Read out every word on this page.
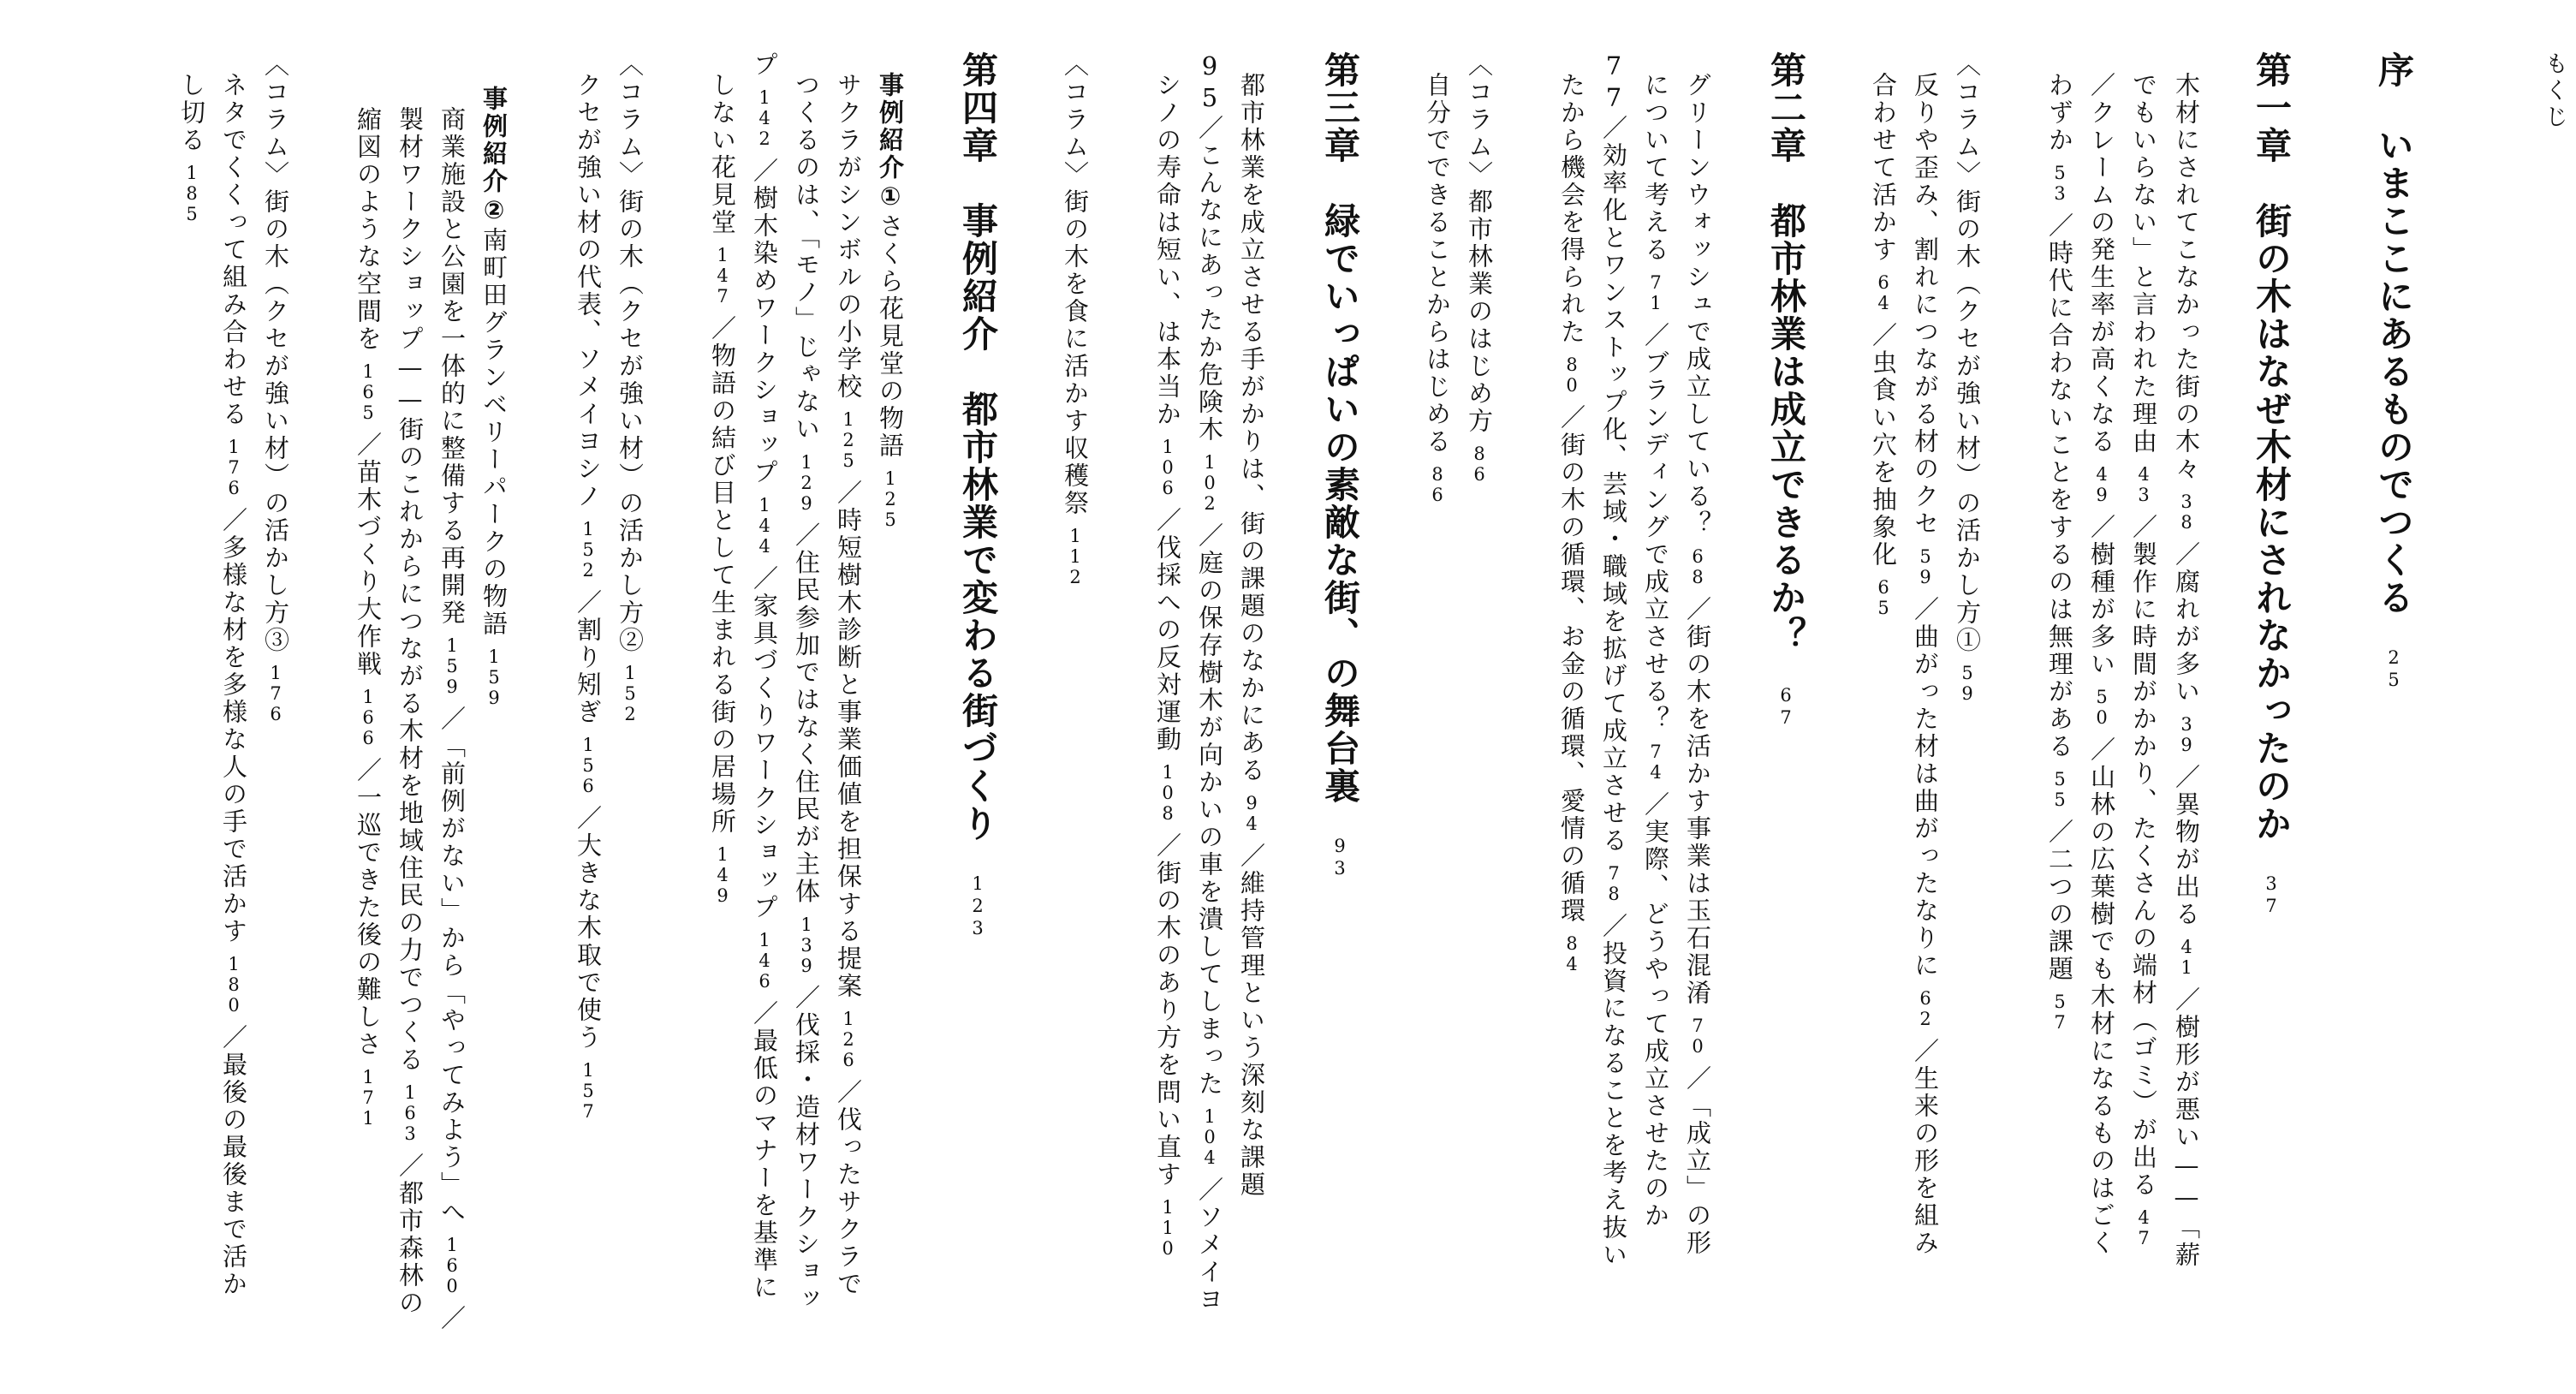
もくじ
序　いまここにあるものでつくる25
第一章　街の木はなぜ木材にされなかったのか37
木材にされてこなかった街の木々38／腐れが多い39／異物が出る41／樹形が悪い——「薪
でもいらない」と言われた理由43／製作に時間がかかり、たくさんの端材（ゴミ）が出る47
／クレームの発生率が高くなる49／樹種が多い50／山林の広葉樹でも木材になるものはごく
わずか53／時代に合わないことをするのは無理がある55／二つの課題57
〈コラム〉街の木（クセが強い材）の活かし方①59
反りや歪み、割れにつながる材のクセ59／曲がった材は曲がったなりに62／生来の形を組み
合わせて活かす64／虫食い穴を抽象化65
第二章　都市林業は成立できるか？67
グリーンウォッシュで成立している？68／街の木を活かす事業は玉石混淆70／「成立」の形
について考える71／ブランディングで成立させる？74／実際、どうやって成立させたのか
77／効率化とワンストップ化、芸域・職域を拡げて成立させる78／投資になることを考え抜い
たから機会を得られた80／街の木の循環、お金の循環、愛情の循環84
〈コラム〉都市林業のはじめ方86
自分でできることからはじめる86
第三章　緑でいっぱいの素敵な街、の舞台裏93
都市林業を成立させる手がかりは、街の課題のなかにある94／維持管理という深刻な課題
95／こんなにあったか危険木102／庭の保存樹木が向かいの車を潰してしまった104／ソメイヨ
シノの寿命は短い、は本当か106／伐採への反対運動108／街の木のあり方を問い直す110
〈コラム〉街の木を食に活かす収穫祭112
第四章　事例紹介　都市林業で変わる街づくり123
事例紹介①さくら花見堂の物語125
サクラがシンボルの小学校125／時短樹木診断と事業価値を担保する提案126／伐ったサクラで
つくるのは、「モノ」じゃない129／住民参加ではなく住民が主体139／伐採・造材ワークショッ
プ142／樹木染めワークショップ144／家具づくりワークショップ146／最低のマナーを基準に
しない花見堂147／物語の結び目として生まれる街の居場所149
〈コラム〉街の木（クセが強い材）の活かし方②152
クセが強い材の代表、ソメイヨシノ152／割り矧ぎ156／大きな木取で使う157
事例紹介②南町田グランベリーパークの物語159
商業施設と公園を一体的に整備する再開発159／「前例がない」から「やってみよう」へ160／
製材ワークショップ——街のこれからにつながる木材を地域住民の力でつくる163／都市森林の
縮図のような空間を165／苗木づくり大作戦166／一巡できた後の難しさ171
〈コラム〉街の木（クセが強い材）の活かし方③176
ネタでくくって組み合わせる176／多様な材を多様な人の手で活かす180／最後の最後まで活か
し切る185
